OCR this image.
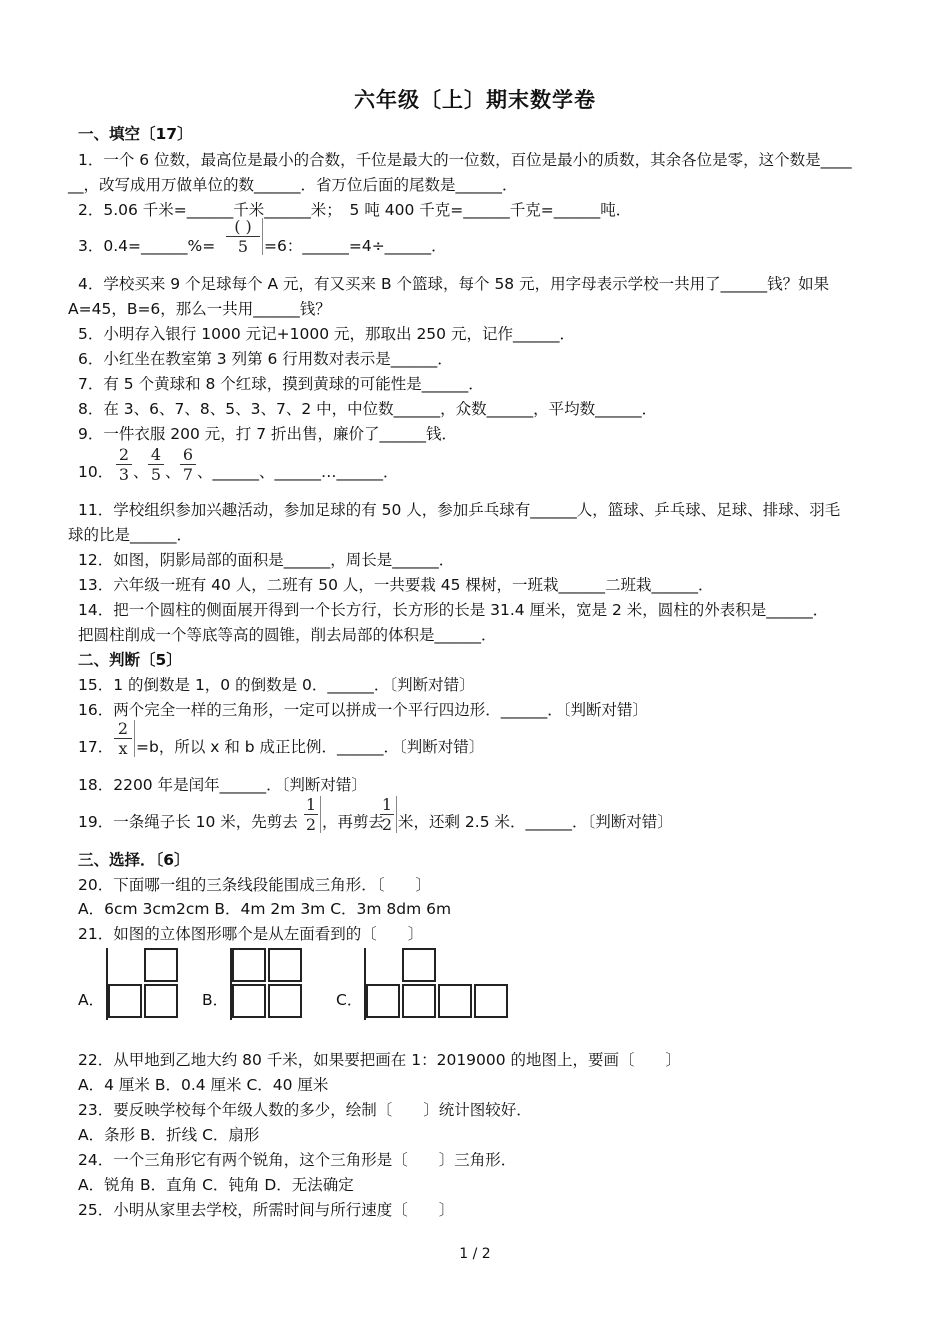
六年级〔上〕期末数学卷
一、填空〔17〕
1．一个 6 位数，最高位是最小的合数，千位是最大的一位数，百位是最小的质数，其余各位是零，这个数是____
__，改写成用万做单位的数______．省万位后面的尾数是______．
2．5.06 千米=______千米______米；　5 吨 400 千克=______千克=______吨．
3．0.4=______%=
( )
5	=6：______=4÷______．
4．学校买来 9 个足球每个 A 元，有又买来 B 个篮球，每个 58 元，用字母表示学校一共用了______钱？如果
A=45，B=6，那么一共用______钱？
5．小明存入银行 1000 元记+1000 元，那取出 250 元，记作______．
6．小红坐在教室第 3 列第 6 行用数对表示是______．
7．有 5 个黄球和 8 个红球，摸到黄球的可能性是______．
8．在 3、6、7、8、5、3、7、2 中，中位数______，众数______，平均数______．
9．一件衣服 200 元，打 7 折出售，廉价了______钱．
10．
2
3 、
4
5 、
6
7 、______、______…______．
11．学校组织参加兴趣活动，参加足球的有 50 人，参加乒乓球有______人，篮球、乒乓球、足球、排球、羽毛
球的比是______．
12．如图，阴影局部的面积是______，周长是______．
13．六年级一班有 40 人，二班有 50 人，一共要栽 45 棵树，一班栽______二班栽______．
14．把一个圆柱的侧面展开得到一个长方行，长方形的长是 31.4 厘米，宽是 2 米，圆柱的外表积是______．
把圆柱削成一个等底等高的圆锥，削去局部的体积是______．
二、判断〔5〕
15．1 的倒数是 1，0 的倒数是 0．______．〔判断对错〕
16．两个完全一样的三角形，一定可以拼成一个平行四边形．______．〔判断对错〕
17．
2
x =b，所以 x 和 b 成正比例．______．〔判断对错〕
18．2200 年是闰年______．〔判断对错〕
19．一条绳子长 10 米，先剪去
1
2 ，再剪去
1
2 米，还剩 2.5 米．______．〔判断对错〕
三、选择．〔6〕
20．下面哪一组的三条线段能围成三角形．〔　　〕
A．6cm 3cm2cm B．4m 2m 3m C．3m 8dm 6m
21．如图的立体图形哪个是从左面看到的〔　　〕
A．	B．	C．
22．从甲地到乙地大约 80 千米，如果要把画在 1：2019000 的地图上，要画〔　　〕
A．4 厘米 B．0.4 厘米 C．40 厘米
23．要反映学校每个年级人数的多少，绘制〔　　〕统计图较好．
A．条形 B．折线 C．扇形
24．一个三角形它有两个锐角，这个三角形是〔　　〕三角形．
A．锐角 B．直角 C．钝角 D．无法确定
25．小明从家里去学校，所需时间与所行速度〔　　〕
1 / 2
